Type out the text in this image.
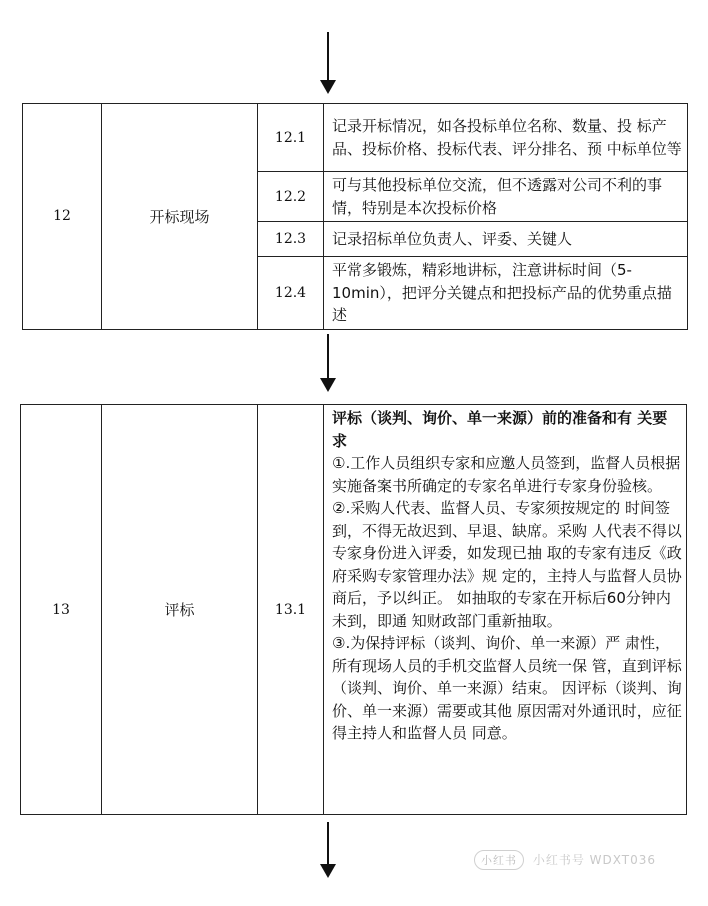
12	开标现场	12.1	记录开标情况，如各投标单位名称、数量、投 标产品、投标价格、投标代表、评分排名、预 中标单位等
		12.2	可与其他投标单位交流，但不透露对公司不利的事情，特别是本次投标价格
		12.3	记录招标单位负责人、评委、关键人
		12.4	平常多锻炼，精彩地讲标，注意讲标时间（5-10min），把评分关键点和把投标产品的优势重点描述
13	评标	13.1	
评标（谈判、询价、单一来源）前的准备和有 关要求
①.工作人员组织专家和应邀人员签到，监督人员根据实施备案书所确定的专家名单进行专家身份验核。
②.采购人代表、监督人员、专家须按规定的 时间签到，不得无故迟到、早退、缺席。采购 人代表不得以专家身份进入评委，如发现已抽 取的专家有违反《政府采购专家管理办法》规 定的，主持人与监督人员协商后，予以纠正。 如抽取的专家在开标后60分钟内未到，即通 知财政部门重新抽取。
③.为保持评标（谈判、询价、单一来源）严 肃性，所有现场人员的手机交监督人员统一保 管，直到评标（谈判、询价、单一来源）结束。 因评标（谈判、询价、单一来源）需要或其他 原因需对外通讯时，应征得主持人和监督人员 同意。
小红书 小红书号 WDXT036
